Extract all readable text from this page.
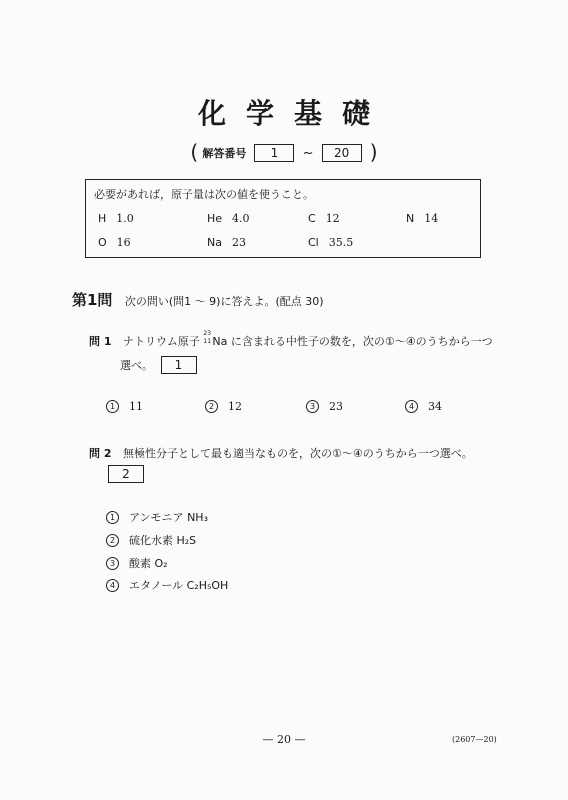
化学基礎
( 解答番号 1 ~ 20 )
必要があれば，原子量は次の値を使うこと。
H 1.0	He 4.0	C 12	N 14
O 16	Na 23	Cl 35.5
第1問 次の問い(問1 ～ 9)に答えよ。(配点 30)
問 1 ナトリウム原子
23
11 Na に含まれる中性子の数を，次の①～④のうちから一つ
選べ。 1
1 11	2 12	3 23	4 34
問 2 無極性分子として最も適当なものを，次の①～④のうちから一つ選べ。
2
1 アンモニア NH₃
2 硫化水素 H₂S
3 酸素 O₂
4 エタノール C₂H₅OH
— 20 —	(2607—20)
